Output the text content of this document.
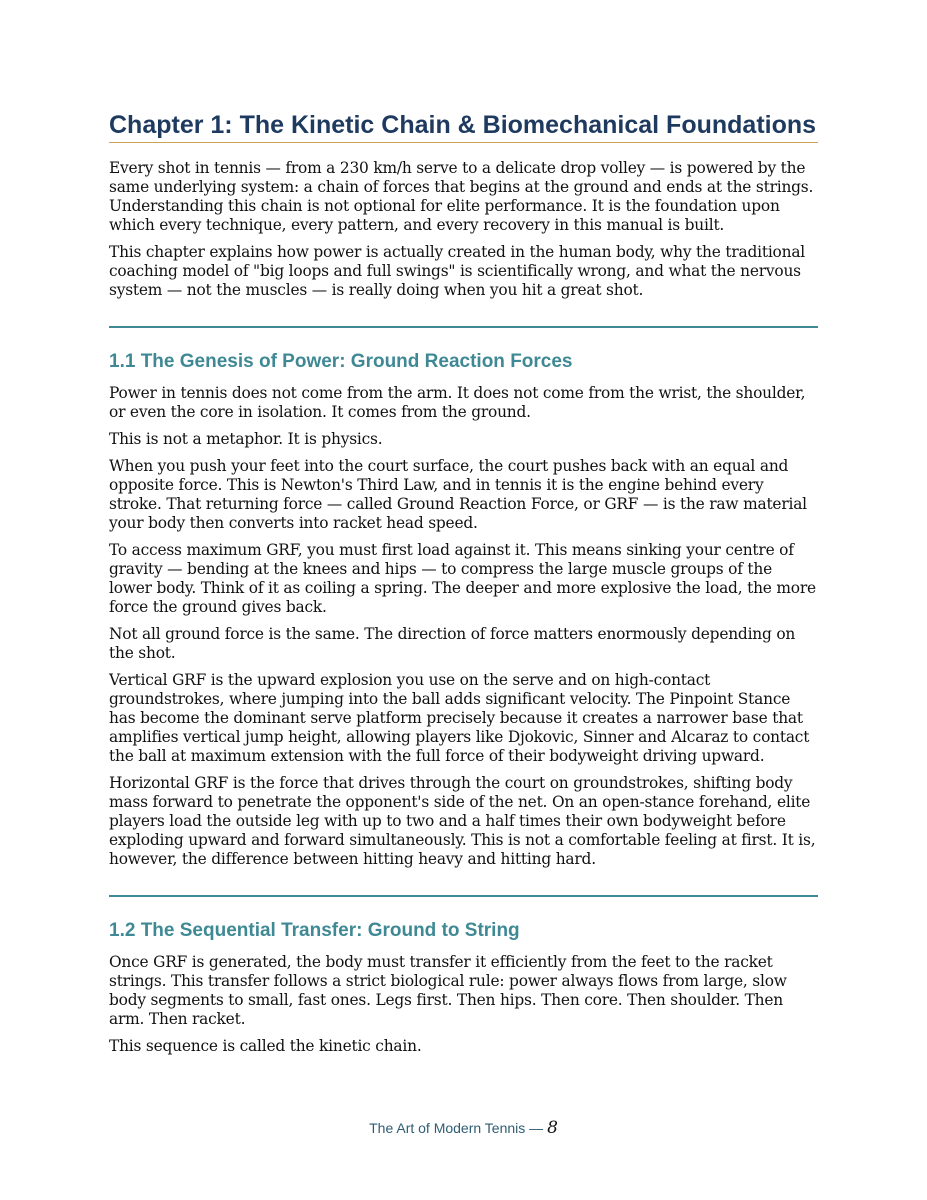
Chapter 1: The Kinetic Chain & Biomechanical Foundations

Every shot in tennis — from a 230 km/h serve to a delicate drop volley — is powered by the same underlying system: a chain of forces that begins at the ground and ends at the strings. Understanding this chain is not optional for elite performance. It is the foundation upon which every technique, every pattern, and every recovery in this manual is built.

This chapter explains how power is actually created in the human body, why the traditional coaching model of "big loops and full swings" is scientifically wrong, and what the nervous system — not the muscles — is really doing when you hit a great shot.

1.1 The Genesis of Power: Ground Reaction Forces

Power in tennis does not come from the arm. It does not come from the wrist, the shoulder, or even the core in isolation. It comes from the ground.

This is not a metaphor. It is physics.

When you push your feet into the court surface, the court pushes back with an equal and opposite force. This is Newton's Third Law, and in tennis it is the engine behind every stroke. That returning force — called Ground Reaction Force, or GRF — is the raw material your body then converts into racket head speed.

To access maximum GRF, you must first load against it. This means sinking your centre of gravity — bending at the knees and hips — to compress the large muscle groups of the lower body. Think of it as coiling a spring. The deeper and more explosive the load, the more force the ground gives back.

Not all ground force is the same. The direction of force matters enormously depending on the shot.

Vertical GRF is the upward explosion you use on the serve and on high-contact groundstrokes, where jumping into the ball adds significant velocity. The Pinpoint Stance has become the dominant serve platform precisely because it creates a narrower base that amplifies vertical jump height, allowing players like Djokovic, Sinner and Alcaraz to contact the ball at maximum extension with the full force of their bodyweight driving upward.

Horizontal GRF is the force that drives through the court on groundstrokes, shifting body mass forward to penetrate the opponent's side of the net. On an open-stance forehand, elite players load the outside leg with up to two and a half times their own bodyweight before exploding upward and forward simultaneously. This is not a comfortable feeling at first. It is, however, the difference between hitting heavy and hitting hard.

1.2 The Sequential Transfer: Ground to String

Once GRF is generated, the body must transfer it efficiently from the feet to the racket strings. This transfer follows a strict biological rule: power always flows from large, slow body segments to small, fast ones. Legs first. Then hips. Then core. Then shoulder. Then arm. Then racket.

This sequence is called the kinetic chain.

The Art of Modern Tennis — 8
